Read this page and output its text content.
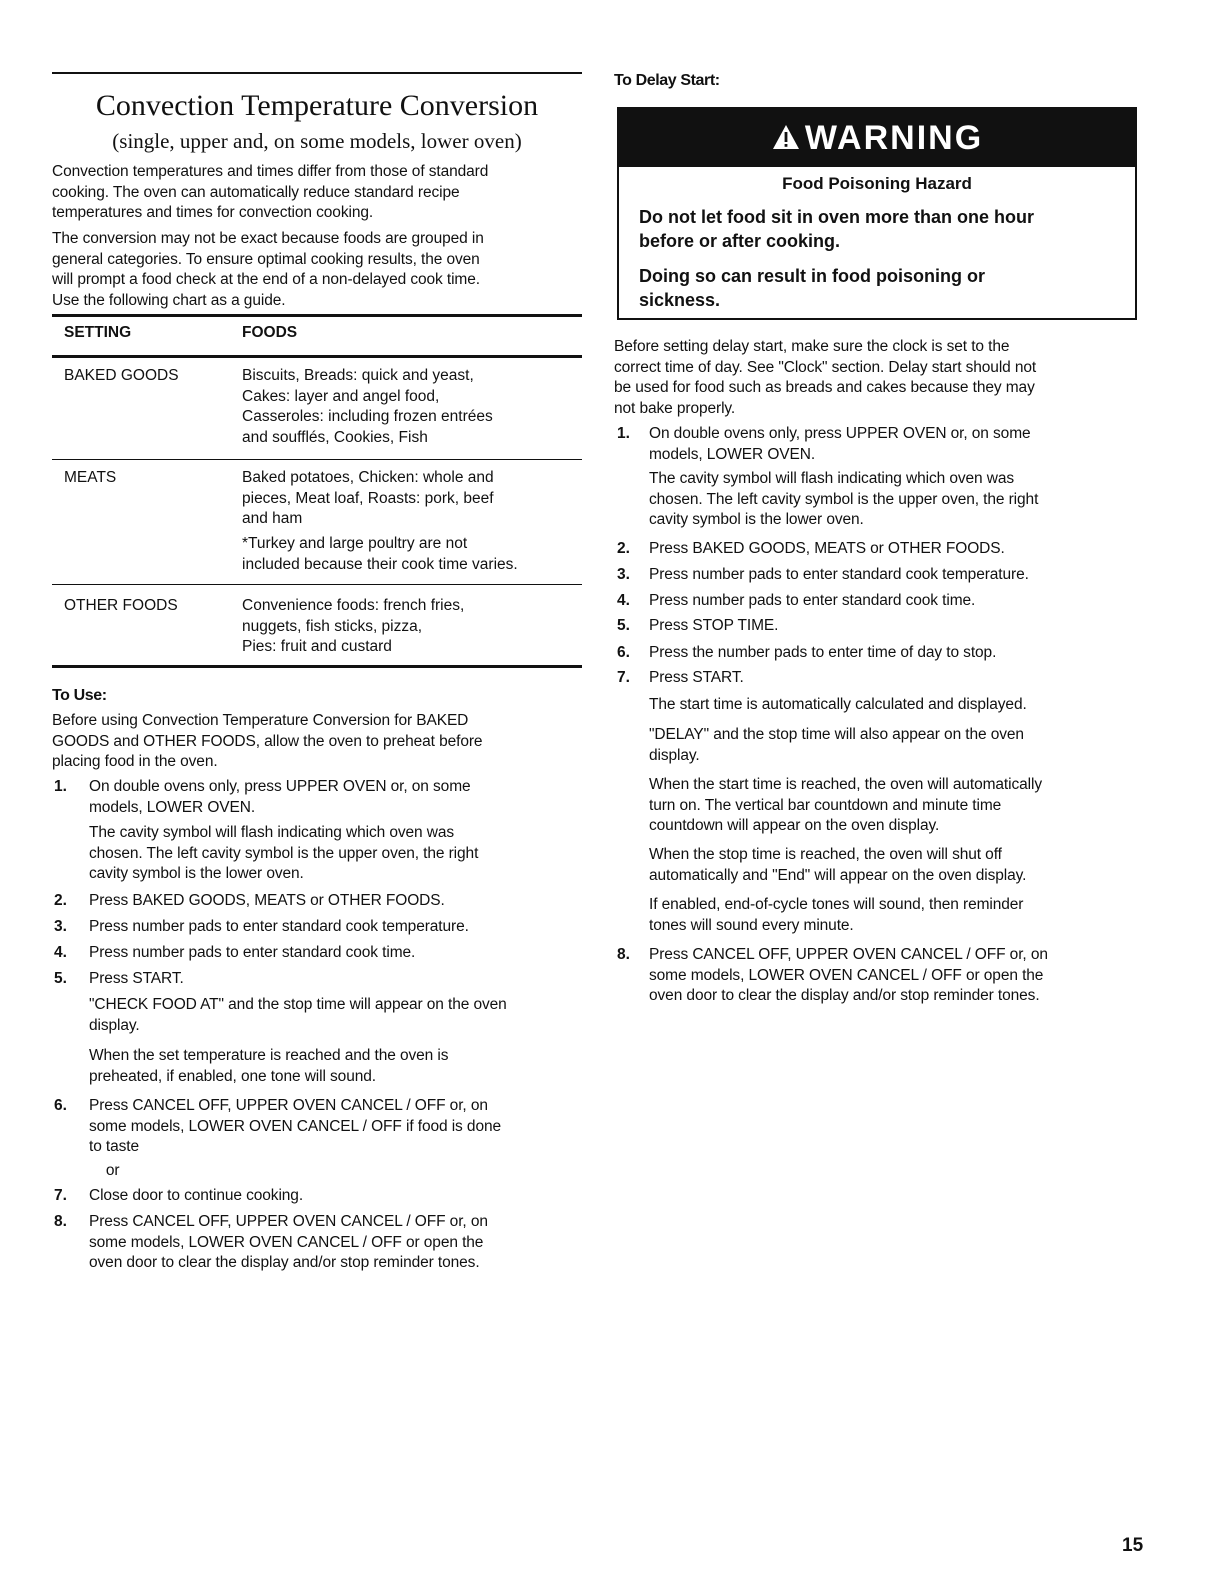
Convection Temperature Conversion
(single, upper and, on some models, lower oven)
Convection temperatures and times differ from those of standard
cooking. The oven can automatically reduce standard recipe
temperatures and times for convection cooking.
The conversion may not be exact because foods are grouped in
general categories. To ensure optimal cooking results, the oven
will prompt a food check at the end of a non-delayed cook time.
Use the following chart as a guide.
SETTING	FOODS
BAKED GOODS	Biscuits, Breads: quick and yeast,
Cakes: layer and angel food,
Casseroles: including frozen entrées
and soufflés, Cookies, Fish
MEATS	Baked potatoes, Chicken: whole and
pieces, Meat loaf, Roasts: pork, beef
and ham
*Turkey and large poultry are not
included because their cook time varies.
OTHER FOODS	Convenience foods: french fries,
nuggets, fish sticks, pizza,
Pies: fruit and custard
To Use:
Before using Convection Temperature Conversion for BAKED
GOODS and OTHER FOODS, allow the oven to preheat before
placing food in the oven.
1. On double ovens only, press UPPER OVEN or, on some
models, LOWER OVEN.
The cavity symbol will flash indicating which oven was
chosen. The left cavity symbol is the upper oven, the right
cavity symbol is the lower oven.
2. Press BAKED GOODS, MEATS or OTHER FOODS.
3. Press number pads to enter standard cook temperature.
4. Press number pads to enter standard cook time.
5. Press START.
"CHECK FOOD AT" and the stop time will appear on the oven
display.
When the set temperature is reached and the oven is
preheated, if enabled, one tone will sound.
6. Press CANCEL OFF, UPPER OVEN CANCEL / OFF or, on
some models, LOWER OVEN CANCEL / OFF if food is done
to taste
or
7. Close door to continue cooking.
8. Press CANCEL OFF, UPPER OVEN CANCEL / OFF or, on
some models, LOWER OVEN CANCEL / OFF or open the
oven door to clear the display and/or stop reminder tones.
To Delay Start:
WARNING
Food Poisoning Hazard
Do not let food sit in oven more than one hour
before or after cooking.
Doing so can result in food poisoning or
sickness.
Before setting delay start, make sure the clock is set to the
correct time of day. See "Clock" section. Delay start should not
be used for food such as breads and cakes because they may
not bake properly.
1. On double ovens only, press UPPER OVEN or, on some
models, LOWER OVEN.
The cavity symbol will flash indicating which oven was
chosen. The left cavity symbol is the upper oven, the right
cavity symbol is the lower oven.
2. Press BAKED GOODS, MEATS or OTHER FOODS.
3. Press number pads to enter standard cook temperature.
4. Press number pads to enter standard cook time.
5. Press STOP TIME.
6. Press the number pads to enter time of day to stop.
7. Press START.
The start time is automatically calculated and displayed.
"DELAY" and the stop time will also appear on the oven
display.
When the start time is reached, the oven will automatically
turn on. The vertical bar countdown and minute time
countdown will appear on the oven display.
When the stop time is reached, the oven will shut off
automatically and "End" will appear on the oven display.
If enabled, end-of-cycle tones will sound, then reminder
tones will sound every minute.
8. Press CANCEL OFF, UPPER OVEN CANCEL / OFF or, on
some models, LOWER OVEN CANCEL / OFF or open the
oven door to clear the display and/or stop reminder tones.
15
